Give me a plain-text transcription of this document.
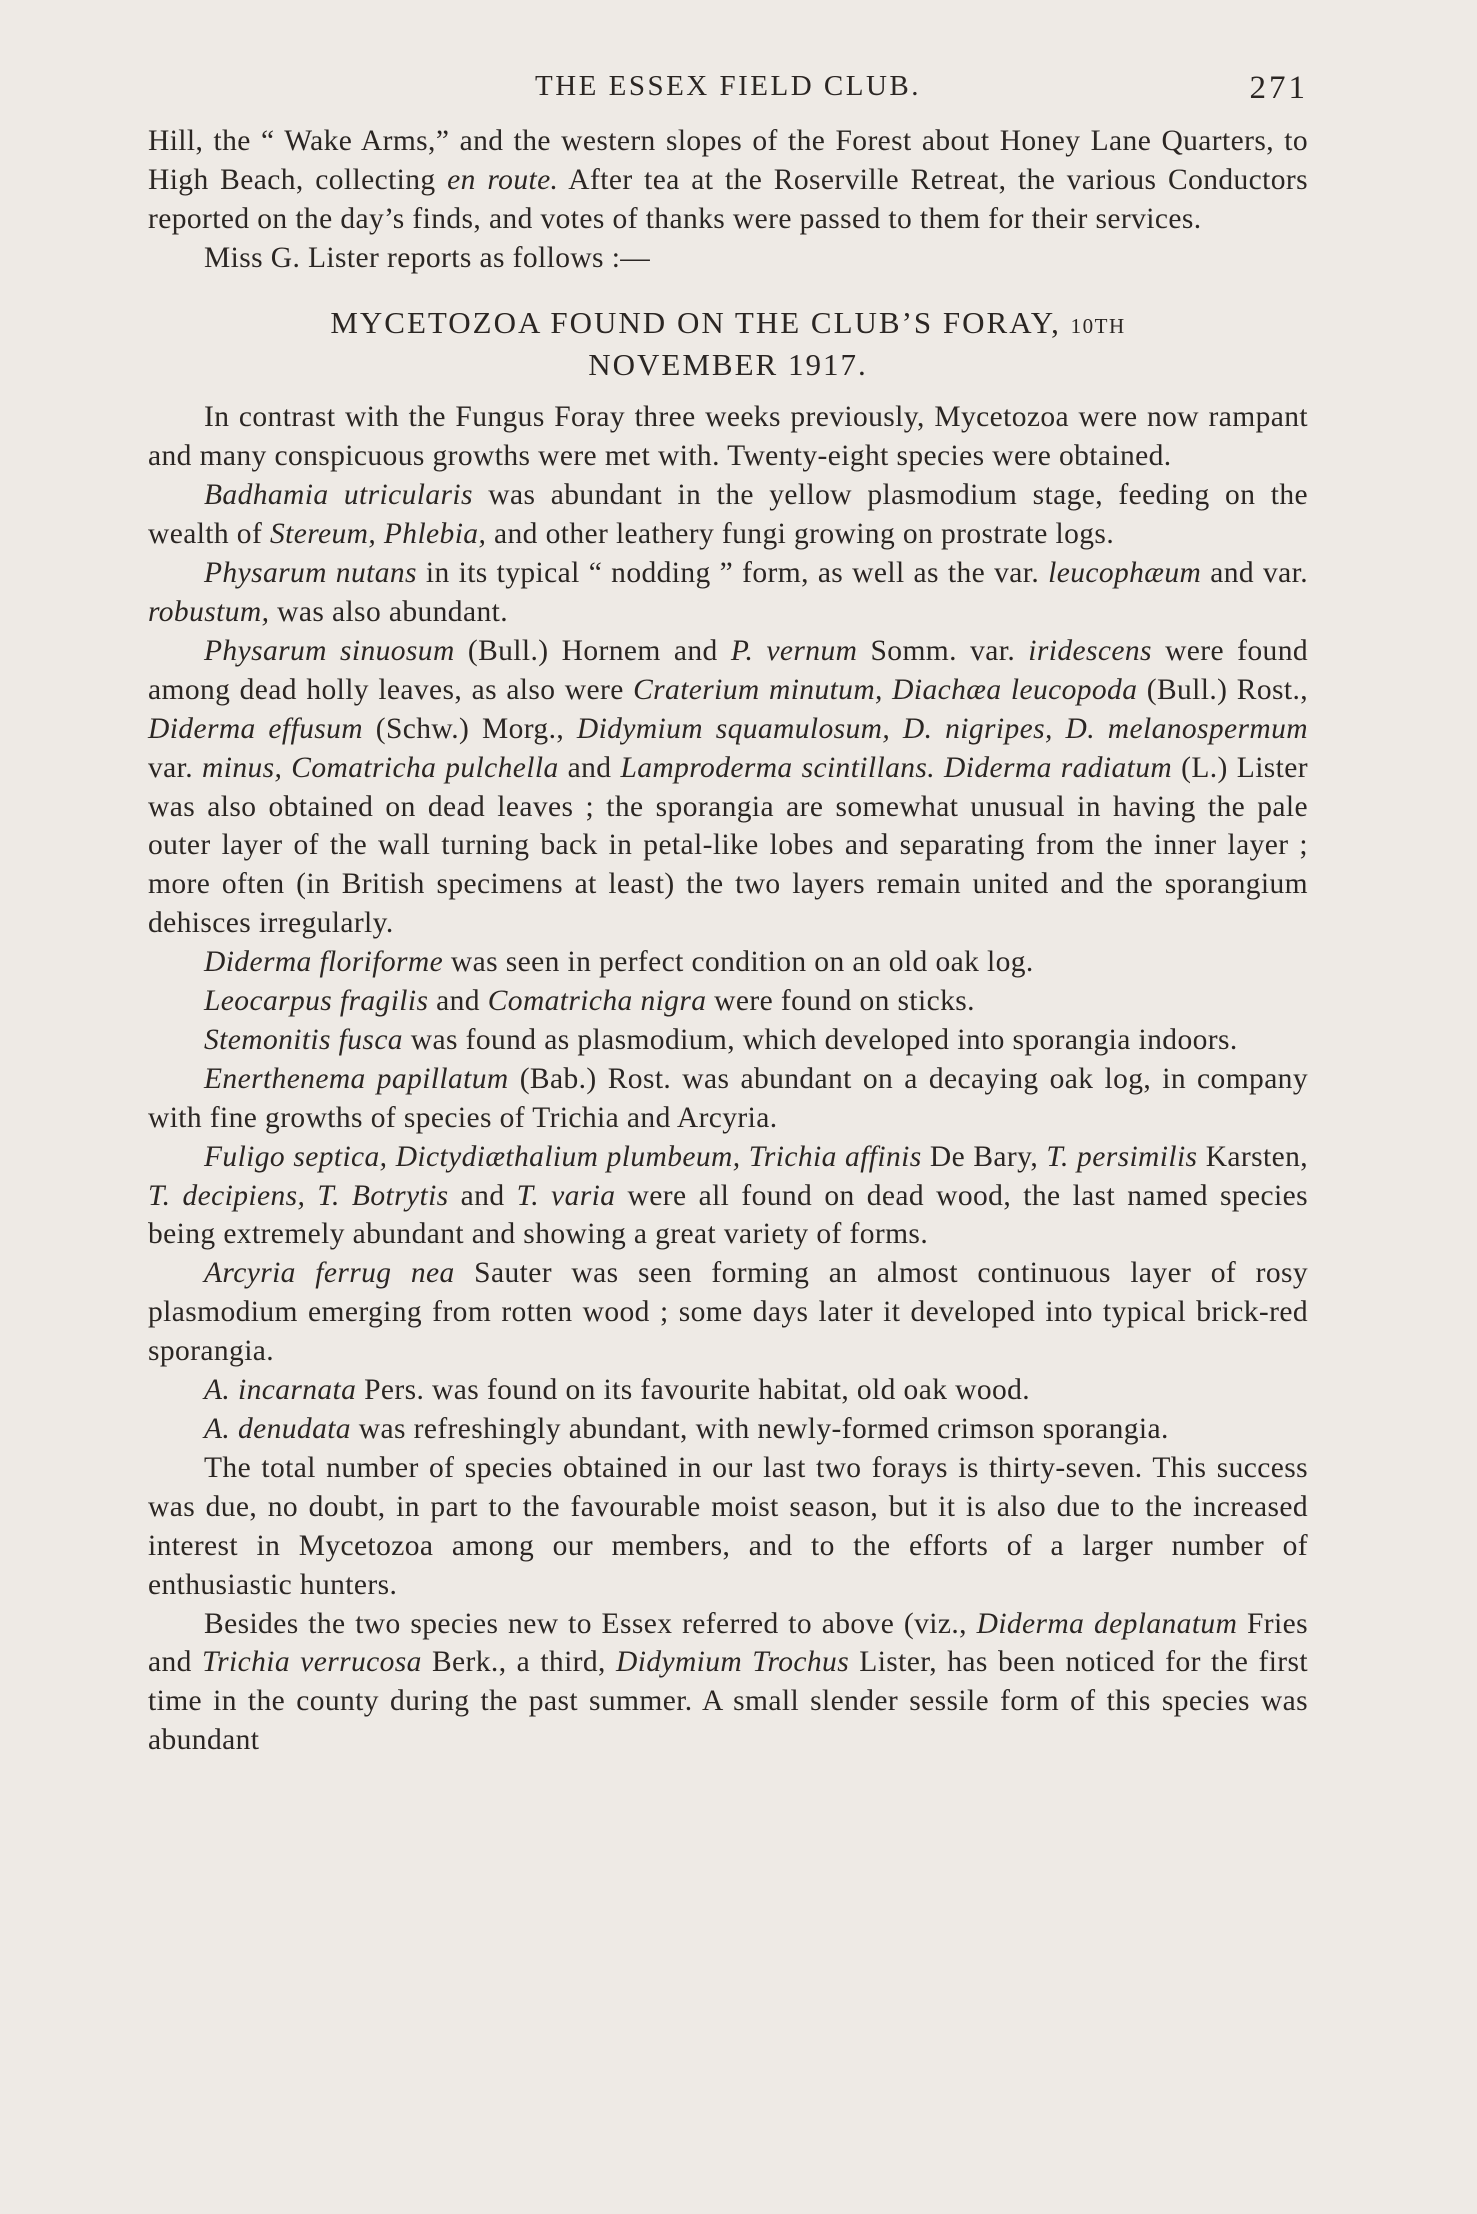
THE ESSEX FIELD CLUB.	271

Hill, the “ Wake Arms,” and the western slopes of the Forest about Honey Lane Quarters, to High Beach, collecting en route. After tea at the Roserville Retreat, the various Conductors reported on the day’s finds, and votes of thanks were passed to them for their services.

Miss G. Lister reports as follows :—

MYCETOZOA FOUND ON THE CLUB’S FORAY, 10TH
NOVEMBER 1917.

In contrast with the Fungus Foray three weeks previously, Mycetozoa were now rampant and many conspicuous growths were met with. Twenty-eight species were obtained.

Badhamia utricularis was abundant in the yellow plasmodium stage, feeding on the wealth of Stereum, Phlebia, and other leathery fungi growing on prostrate logs.

Physarum nutans in its typical “ nodding ” form, as well as the var. leucophæum and var. robustum, was also abundant.

Physarum sinuosum (Bull.) Hornem and P. vernum Somm. var. iridescens were found among dead holly leaves, as also were Craterium minutum, Diachæa leucopoda (Bull.) Rost., Diderma effusum (Schw.) Morg., Didymium squamulosum, D. nigripes, D. melanospermum var. minus, Comatricha pulchella and Lamproderma scintillans. Diderma radiatum (L.) Lister was also obtained on dead leaves ; the sporangia are somewhat unusual in having the pale outer layer of the wall turning back in petal-like lobes and separating from the inner layer ; more often (in British specimens at least) the two layers remain united and the sporangium dehisces irregularly.

Diderma floriforme was seen in perfect condition on an old oak log.

Leocarpus fragilis and Comatricha nigra were found on sticks.

Stemonitis fusca was found as plasmodium, which developed into sporangia indoors.

Enerthenema papillatum (Bab.) Rost. was abundant on a decaying oak log, in company with fine growths of species of Trichia and Arcyria.

Fuligo septica, Dictydiæthalium plumbeum, Trichia affinis De Bary, T. persimilis Karsten, T. decipiens, T. Botrytis and T. varia were all found on dead wood, the last named species being extremely abundant and showing a great variety of forms.

Arcyria ferrug nea Sauter was seen forming an almost continuous layer of rosy plasmodium emerging from rotten wood ; some days later it developed into typical brick-red sporangia.

A. incarnata Pers. was found on its favourite habitat, old oak wood.

A. denudata was refreshingly abundant, with newly-formed crimson sporangia.

The total number of species obtained in our last two forays is thirty-seven. This success was due, no doubt, in part to the favourable moist season, but it is also due to the increased interest in Mycetozoa among our members, and to the efforts of a larger number of enthusiastic hunters.

Besides the two species new to Essex referred to above (viz., Diderma deplanatum Fries and Trichia verrucosa Berk., a third, Didymium Trochus Lister, has been noticed for the first time in the county during the past summer. A small slender sessile form of this species was abundant
